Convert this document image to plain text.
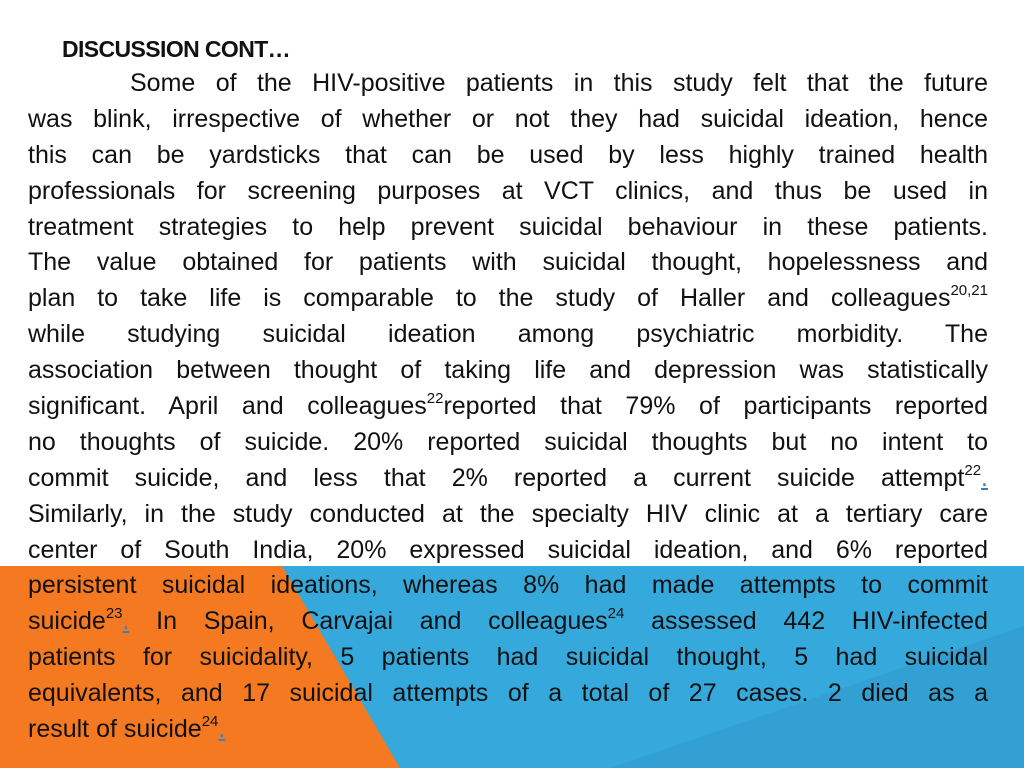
DISCUSSION CONT…
Some of the HIV-positive patients in this study felt that the future
was blink, irrespective of whether or not they had suicidal ideation, hence
this can be yardsticks that can be used by less highly trained health
professionals for screening purposes at VCT clinics, and thus be used in
treatment strategies to help prevent suicidal behaviour in these patients.
The value obtained for patients with suicidal thought, hopelessness and
plan to take life is comparable to the study of Haller and colleagues$^{20,21}$
while studying suicidal ideation among psychiatric morbidity. The
association between thought of taking life and depression was statistically
significant. April and colleagues$^{22}$reported that 79% of participants reported
no thoughts of suicide. 20% reported suicidal thoughts but no intent to
commit suicide, and less that 2% reported a current suicide attempt$^{22}$.
Similarly, in the study conducted at the specialty HIV clinic at a tertiary care
center of South India, 20% expressed suicidal ideation, and 6% reported
persistent suicidal ideations, whereas 8% had made attempts to commit
suicide$^{23}$. In Spain, Carvajai and colleagues$^{24}$ assessed 442 HIV-infected
patients for suicidality, 5 patients had suicidal thought, 5 had suicidal
equivalents, and 17 suicidal attempts of a total of 27 cases. 2 died as a
result of suicide$^{24}$.
